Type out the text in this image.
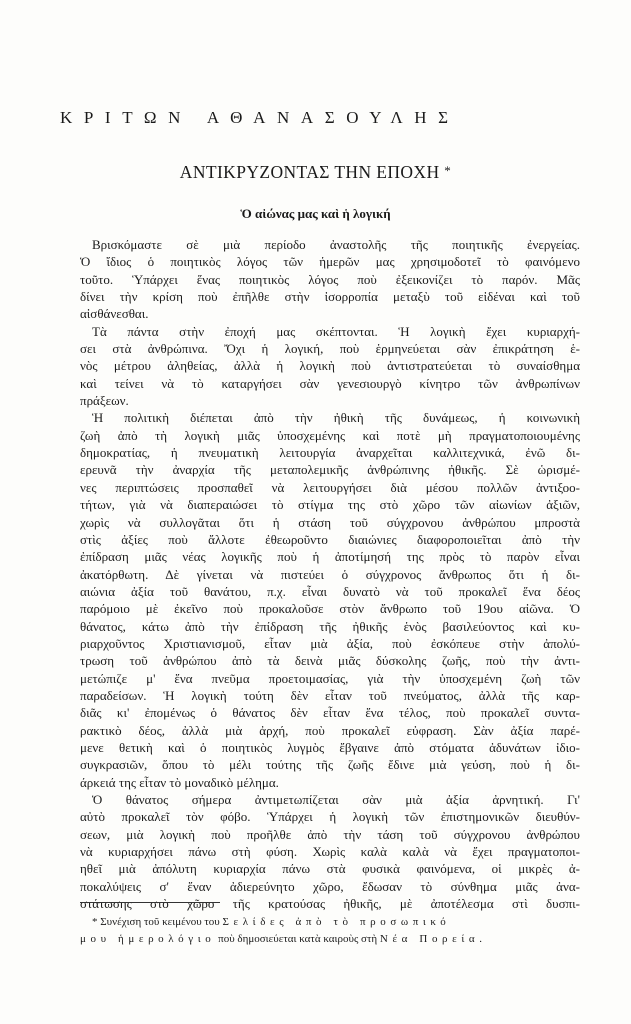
ΚΡΙΤΩΝ ΑΘΑΝΑΣΟΥΛΗΣ
ΑΝΤΙΚΡΥΖΟΝΤΑΣ ΤΗΝ ΕΠΟΧΗ *
Ὁ αἰώνας μας καὶ ἡ λογική
Βρισκόμαστε σὲ μιὰ περίοδο ἀναστολῆς τῆς ποιητικῆς ἐνεργείας.
Ὁ ἴδιος ὁ ποιητικὸς λόγος τῶν ἡμερῶν μας χρησιμοδοτεῖ τὸ φαινόμενο
τοῦτο. Ὑπάρχει ἕνας ποιητικὸς λόγος ποὺ ἐξεικονίζει τὸ παρόν. Μᾶς
δίνει τὴν κρίση ποὺ ἐπῆλθε στὴν ἰσορροπία μεταξὺ τοῦ εἰδέναι καὶ τοῦ
αἰσθάνεσθαι.
Τὰ πάντα στὴν ἐποχή μας σκέπτονται. Ἡ λογικὴ ἔχει κυριαρχή-
σει στὰ ἀνθρώπινα. Ὄχι ἡ λογική, ποὺ ἑρμηνεύεται σὰν ἐπικράτηση ἑ-
νὸς μέτρου ἀληθείας, ἀλλὰ ἡ λογικὴ ποὺ ἀντιστρατεύεται τὸ συναίσθημα
καὶ τείνει νὰ τὸ καταργήσει σὰν γενεσιουργὸ κίνητρο τῶν ἀνθρωπίνων
πράξεων.
Ἡ πολιτικὴ διέπεται ἀπὸ τὴν ἠθικὴ τῆς δυνάμεως, ἡ κοινωνικὴ
ζωὴ ἀπὸ τὴ λογικὴ μιᾶς ὑποσχεμένης καὶ ποτὲ μὴ πραγματοποιουμένης
δημοκρατίας, ἡ πνευματικὴ λειτουργία ἀναρχεῖται καλλιτεχνικά, ἐνῶ δι-
ερευνᾶ τὴν ἀναρχία τῆς μεταπολεμικῆς ἀνθρώπινης ἠθικῆς. Σὲ ὡρισμέ-
νες περιπτώσεις προσπαθεῖ νὰ λειτουργήσει διὰ μέσου πολλῶν ἀντιξοο-
τήτων, γιὰ νὰ διαπεραιώσει τὸ στίγμα της στὸ χῶρο τῶν αἰωνίων ἀξιῶν,
χωρὶς νὰ συλλογᾶται ὅτι ἡ στάση τοῦ σύγχρονου ἀνθρώπου μπροστὰ
στὶς ἀξίες ποὺ ἄλλοτε ἐθεωροῦντο διαιώνιες διαφοροποιεῖται ἀπὸ τὴν
ἐπίδραση μιᾶς νέας λογικῆς ποὺ ἡ ἀποτίμησή της πρὸς τὸ παρὸν εἶναι
ἀκατόρθωτη. Δὲ γίνεται νὰ πιστεύει ὁ σύγχρονος ἄνθρωπος ὅτι ἡ δι-
αιώνια ἀξία τοῦ θανάτου, π.χ. εἶναι δυνατὸ νὰ τοῦ προκαλεῖ ἕνα δέος
παρόμοιο μὲ ἐκεῖνο ποὺ προκαλοῦσε στὸν ἄνθρωπο τοῦ 19ου αἰῶνα. Ὁ
θάνατος, κάτω ἀπὸ τὴν ἐπίδραση τῆς ἠθικῆς ἑνὸς βασιλεύοντος καὶ κυ-
ριαρχοῦντος Χριστιανισμοῦ, εἶταν μιὰ ἀξία, ποὺ ἐσκόπευε στὴν ἀπολύ-
τρωση τοῦ ἀνθρώπου ἀπὸ τὰ δεινὰ μιᾶς δύσκολης ζωῆς, ποὺ τὴν ἀντι-
μετώπιζε μ' ἕνα πνεῦμα προετοιμασίας, γιὰ τὴν ὑποσχεμένη ζωὴ τῶν
παραδείσων. Ἡ λογικὴ τούτη δὲν εἶταν τοῦ πνεύματος, ἀλλὰ τῆς καρ-
διᾶς κι' ἐπομένως ὁ θάνατος δὲν εἶταν ἕνα τέλος, ποὺ προκαλεῖ συντα-
ρακτικὸ δέος, ἀλλὰ μιὰ ἀρχή, ποὺ προκαλεῖ εὐφραση. Σὰν ἀξία παρέ-
μενε θετικὴ καὶ ὁ ποιητικὸς λυγμὸς ἔβγαινε ἀπὸ στόματα ἀδυνάτων ἰδιο-
συγκρασιῶν, ὅπου τὸ μέλι τούτης τῆς ζωῆς ἔδινε μιὰ γεύση, ποὺ ἡ δι-
άρκειά της εἶταν τὸ μοναδικὸ μέλημα.
Ὁ θάνατος σήμερα ἀντιμετωπίζεται σὰν μιὰ ἀξία ἀρνητική. Γι'
αὐτὸ προκαλεῖ τὸν φόβο. Ὑπάρχει ἡ λογικὴ τῶν ἐπιστημονικῶν διευθύν-
σεων, μιὰ λογικὴ ποὺ προῆλθε ἀπὸ τὴν τάση τοῦ σύγχρονου ἀνθρώπου
νὰ κυριαρχήσει πάνω στὴ φύση. Χωρὶς καλὰ καλὰ νὰ ἔχει πραγματοποι-
ηθεῖ μιὰ ἀπόλυτη κυριαρχία πάνω στὰ φυσικὰ φαινόμενα, οἱ μικρὲς ἀ-
ποκαλύψεις σ' ἕναν ἀδιερεύνητο χῶρο, ἔδωσαν τὸ σύνθημα μιᾶς ἀνα-
στάτωσης στὸ χῶρο τῆς κρατούσας ἠθικῆς, μὲ ἀποτέλεσμα στὶ δυσπι-
* Συνέχιση τοῦ κειμένου του Σελίδες ἀπὸ τὸ προσωπικό
μου ἡμερολόγιο ποὺ δημοσιεύεται κατὰ καιροὺς στὴ Νέα Πορεία.
